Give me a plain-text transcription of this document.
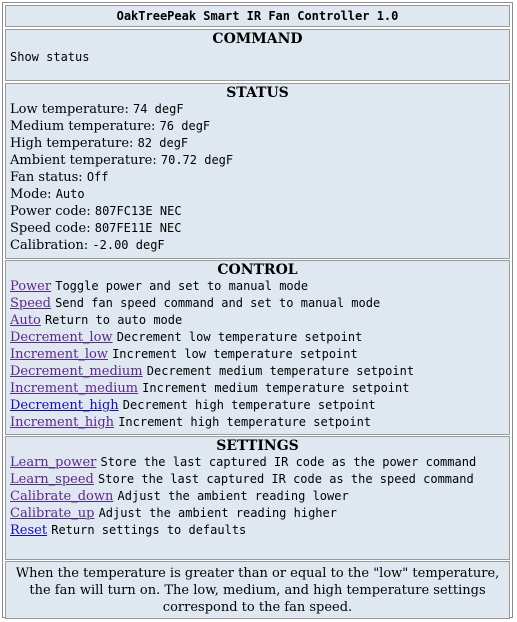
OakTreePeak Smart IR Fan Controller 1.0
COMMAND
Show status
STATUS
Low temperature: 74 degF
Medium temperature: 76 degF
High temperature: 82 degF
Ambient temperature: 70.72 degF
Fan status: Off
Mode: Auto
Power code: 807FC13E NEC
Speed code: 807FE11E NEC
Calibration: -2.00 degF
CONTROL
Power Toggle power and set to manual mode
Speed Send fan speed command and set to manual mode
Auto Return to auto mode
Decrement_low Decrement low temperature setpoint
Increment_low Increment low temperature setpoint
Decrement_medium Decrement medium temperature setpoint
Increment_medium Increment medium temperature setpoint
Decrement_high Decrement high temperature setpoint
Increment_high Increment high temperature setpoint
SETTINGS
Learn_power Store the last captured IR code as the power command
Learn_speed Store the last captured IR code as the speed command
Calibrate_down Adjust the ambient reading lower
Calibrate_up Adjust the ambient reading higher
Reset Return settings to defaults
When the temperature is greater than or equal to the "low" temperature, the fan will turn on. The low, medium, and high temperature settings correspond to the fan speed.
